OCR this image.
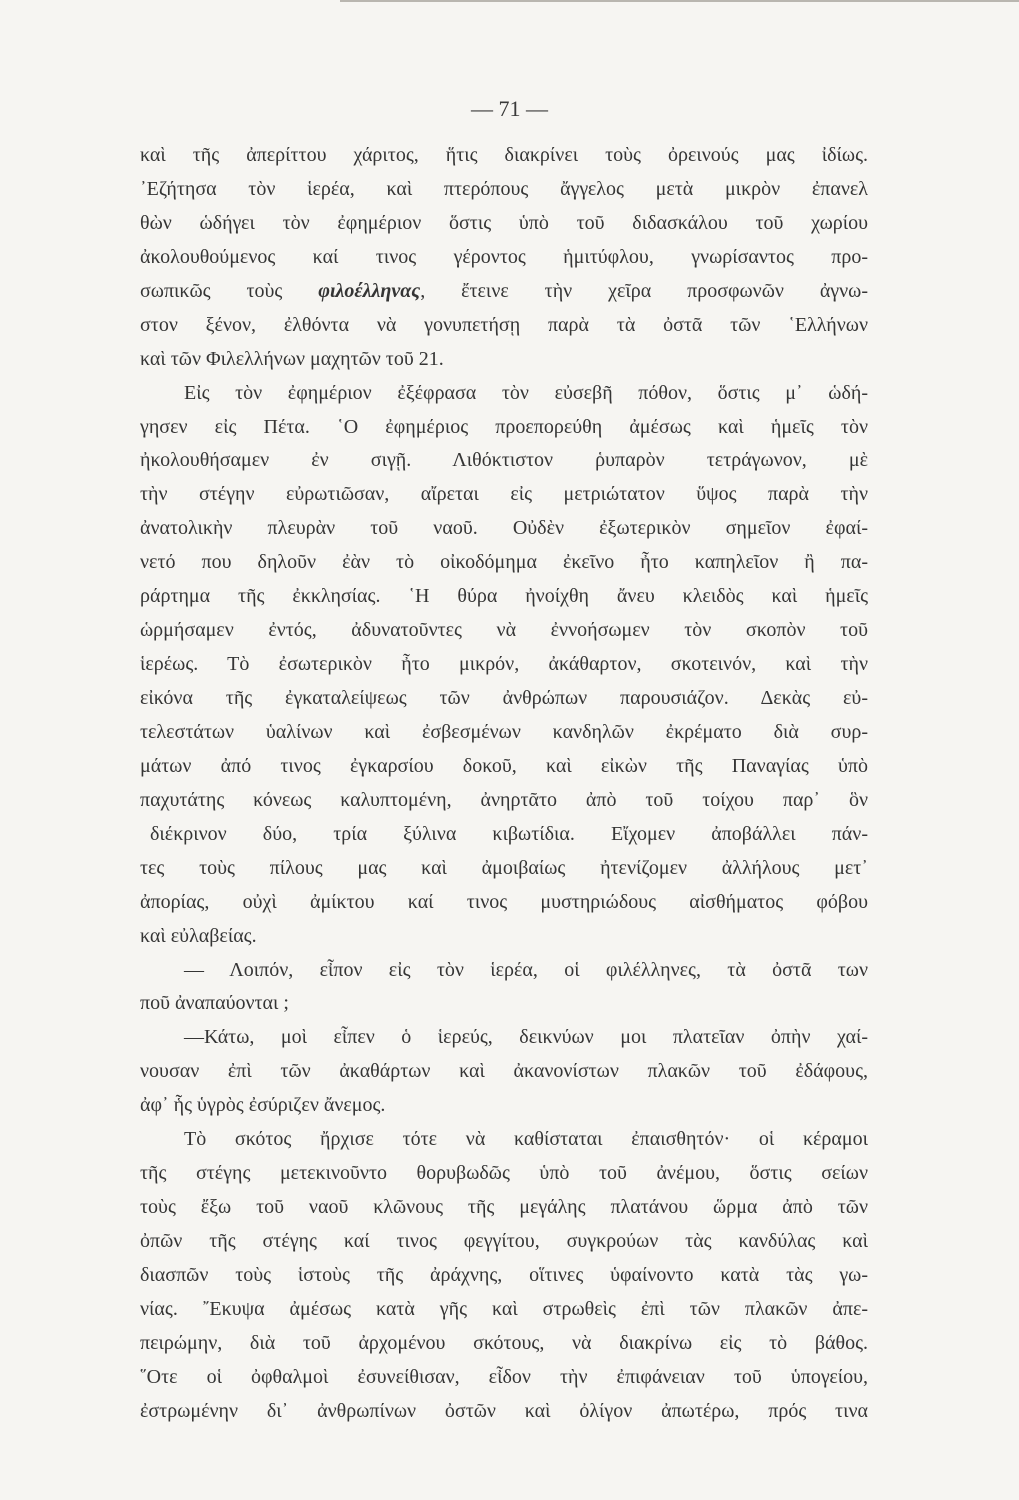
— 71 —
καὶ τῆς ἀπερίττου χάριτος, ἥτις διακρίνει τοὺς ὀρεινούς μας ἰδίως.
᾿Εζήτησα τὸν ἱερέα, καὶ πτερόπους ἄγγελος μετὰ μικρὸν ἐπανελ
θὼν ὡδήγει τὸν ἐφημέριον ὅστις ὑπὸ τοῦ διδασκάλου τοῦ χωρίου
ἀκολουθούμενος καί τινος γέροντος ἡμιτύφλου, γνωρίσαντος προ-
σωπικῶς τοὺς φιλοέλληνας, ἔτεινε τὴν χεῖρα προσφωνῶν ἀγνω-
στον ξένον, ἐλθόντα νὰ γονυπετήσῃ παρὰ τὰ ὀστᾶ τῶν ῾Ελλήνων
καὶ τῶν Φιλελλήνων μαχητῶν τοῦ 21.
Εἰς τὸν ἐφημέριον ἐξέφρασα τὸν εὐσεβῆ πόθον, ὅστις μ᾿ ὡδή-
γησεν εἰς Πέτα. ῾Ο ἐφημέριος προεπορεύθη ἀμέσως καὶ ἡμεῖς τὸν
ἠκολουθήσαμεν ἐν σιγῇ. Λιθόκτιστον ῥυπαρὸν τετράγωνον, μὲ
τὴν στέγην εὐρωτιῶσαν, αἴρεται εἰς μετριώτατον ὕψος παρὰ τὴν
ἀνατολικὴν πλευρὰν τοῦ ναοῦ. Οὐδὲν ἐξωτερικὸν σημεῖον ἐφαί-
νετό που δηλοῦν ἐὰν τὸ οἰκοδόμημα ἐκεῖνο ἦτο καπηλεῖον ἢ πα-
ράρτημα τῆς ἐκκλησίας. ῾Η θύρα ἠνοίχθη ἄνευ κλειδὸς καὶ ἡμεῖς
ὡρμήσαμεν ἐντός, ἀδυνατοῦντες νὰ ἐννοήσωμεν τὸν σκοπὸν τοῦ
ἱερέως. Τὸ ἐσωτερικὸν ἦτο μικρόν, ἀκάθαρτον, σκοτεινόν, καὶ τὴν
εἰκόνα τῆς ἐγκαταλείψεως τῶν ἀνθρώπων παρουσιάζον. Δεκὰς εὐ-
τελεστάτων ὑαλίνων καὶ ἐσβεσμένων κανδηλῶν ἐκρέματο διὰ συρ-
μάτων ἀπό τινος ἐγκαρσίου δοκοῦ, καὶ εἰκὼν τῆς Παναγίας ὑπὸ
παχυτάτης κόνεως καλυπτομένη, ἀνηρτᾶτο ἀπὸ τοῦ τοίχου παρ᾿ ὃν
διέκρινον δύο, τρία ξύλινα κιβωτίδια. Εἴχομεν ἀποβάλλει πάν-
τες τοὺς πίλους μας καὶ ἀμοιβαίως ἠτενίζομεν ἀλλήλους μετ᾿
ἀπορίας, οὐχὶ ἀμίκτου καί τινος μυστηριώδους αἰσθήματος φόβου
καὶ εὐλαβείας.
— Λοιπόν, εἶπον εἰς τὸν ἱερέα, οἱ φιλέλληνες, τὰ ὀστᾶ των
ποῦ ἀναπαύονται ;
—Κάτω, μοὶ εἶπεν ὁ ἱερεύς, δεικνύων μοι πλατεῖαν ὀπὴν χαί-
νουσαν ἐπὶ τῶν ἀκαθάρτων καὶ ἀκανονίστων πλακῶν τοῦ ἐδάφους,
ἀφ᾿ ἧς ὑγρὸς ἐσύριζεν ἄνεμος.
Τὸ σκότος ἤρχισε τότε νὰ καθίσταται ἐπαισθητόν· οἱ κέραμοι
τῆς στέγης μετεκινοῦντο θορυβωδῶς ὑπὸ τοῦ ἀνέμου, ὅστις σείων
τοὺς ἔξω τοῦ ναοῦ κλῶνους τῆς μεγάλης πλατάνου ὥρμα ἀπὸ τῶν
ὀπῶν τῆς στέγης καί τινος φεγγίτου, συγκρούων τὰς κανδύλας καὶ
διασπῶν τοὺς ἱστοὺς τῆς ἀράχνης, οἵτινες ὑφαίνοντο κατὰ τὰς γω-
νίας. ῎Εκυψα ἀμέσως κατὰ γῆς καὶ στρωθεὶς ἐπὶ τῶν πλακῶν ἀπε-
πειρώμην, διὰ τοῦ ἀρχομένου σκότους, νὰ διακρίνω εἰς τὸ βάθος.
῞Οτε οἱ ὀφθαλμοὶ ἐσυνείθισαν, εἶδον τὴν ἐπιφάνειαν τοῦ ὑπογείου,
ἐστρωμένην δι᾿ ἀνθρωπίνων ὀστῶν καὶ ὀλίγον ἀπωτέρω, πρός τινα
